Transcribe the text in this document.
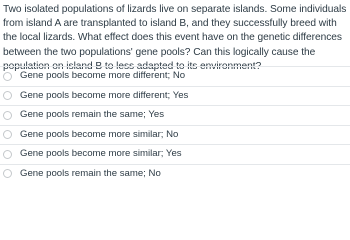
Two isolated populations of lizards live on separate islands. Some individuals from island A are transplanted to island B, and they successfully breed with the local lizards. What effect does this event have on the genetic differences between the two populations' gene pools? Can this logically cause the population on island B to less adapted to its environment?
Gene pools become more different; No
Gene pools become more different; Yes
Gene pools remain the same; Yes
Gene pools become more similar; No
Gene pools become more similar; Yes
Gene pools remain the same; No
